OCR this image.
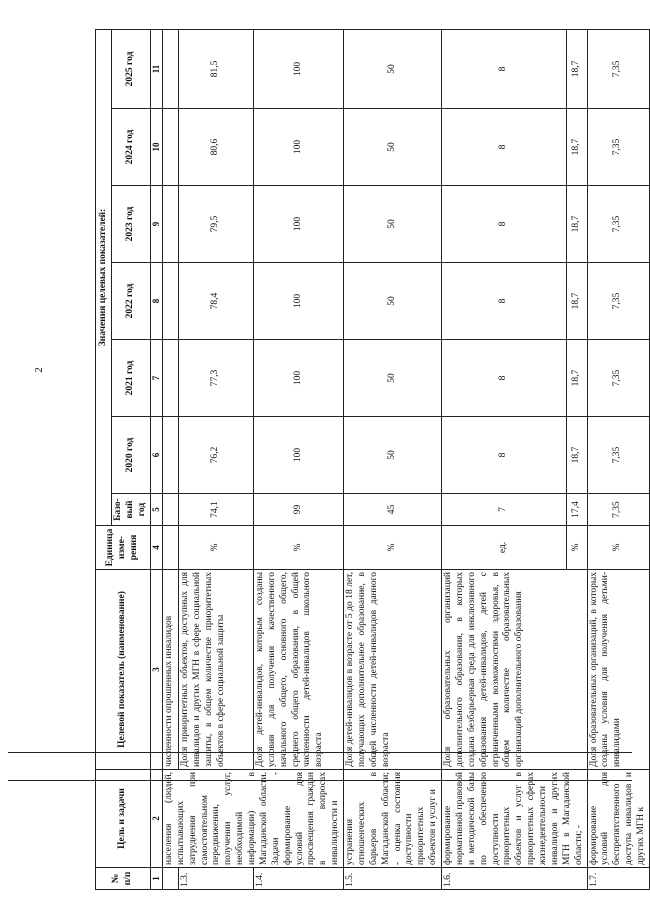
2
№ п/п	Цель и задачи	Целевой показатель (наименование)	Единица изме-рения	Значения целевых показателей:						
				Базо-вый год	2020 год	2021 год	2022 год	2023 год	2024 год	2025 год
1	2	3	4	5	6	7	8	9	10	11
	населения (людей, испытывающих затруднения при самостоятельном передвижении, получении услуг, необходимой информации) в Магаданской области. Задачи - формирование условий для просвещения граждан в вопросах инвалидности и	численности опрошенных инвалидов								
1.3.		Доля приоритетных объектов, доступных для инвалидов и других МГН в сфере социальной защиты, в общем количестве приоритетных объектов в сфере социальной защиты	%	74,1	76,2	77,3	78,4	79,5	80,6	81,5
1.4.		Доля детей-инвалидов, которым созданы условия для получения качественного начального общего, основного общего, среднего общего образования, в общей численности детей-инвалидов школьного возраста	%	99	100	100	100	100	100	100
1.5.	устранения отношенческих барьеров в Магаданской области; - оценка состояния доступности приоритетных объектов и услуг и	Доля детей-инвалидов в возрасте от 5 до 18 лет, получающих дополнительное образование, в общей численности детей-инвалидов данного возраста	%	45	50	50	50	50	50	50
1.6.	формирование нормативной правовой и методической базы по обеспечению доступности приоритетных объектов и услуг в приоритетных сферах жизнедеятельности инвалидов и других МГН в Магаданской области; -	Доля образовательных организаций дополнительного образования, в которых создана безбарьерная среда для инклюзивного образования детей-инвалидов, детей с ограниченными возможностями здоровья, в общем количестве образовательных организаций дополнительного образования	ед.	7	8	8	8	8	8	8
			%	17,4	18,7	18,7	18,7	18,7	18,7	18,7
1.7.	формирование условий для беспрепятственного доступа инвалидов и других МГН к	Доля образовательных организаций, в которых созданы условия для получения детьми-инвалидами	%	7,35	7,35	7,35	7,35	7,35	7,35	7,35
